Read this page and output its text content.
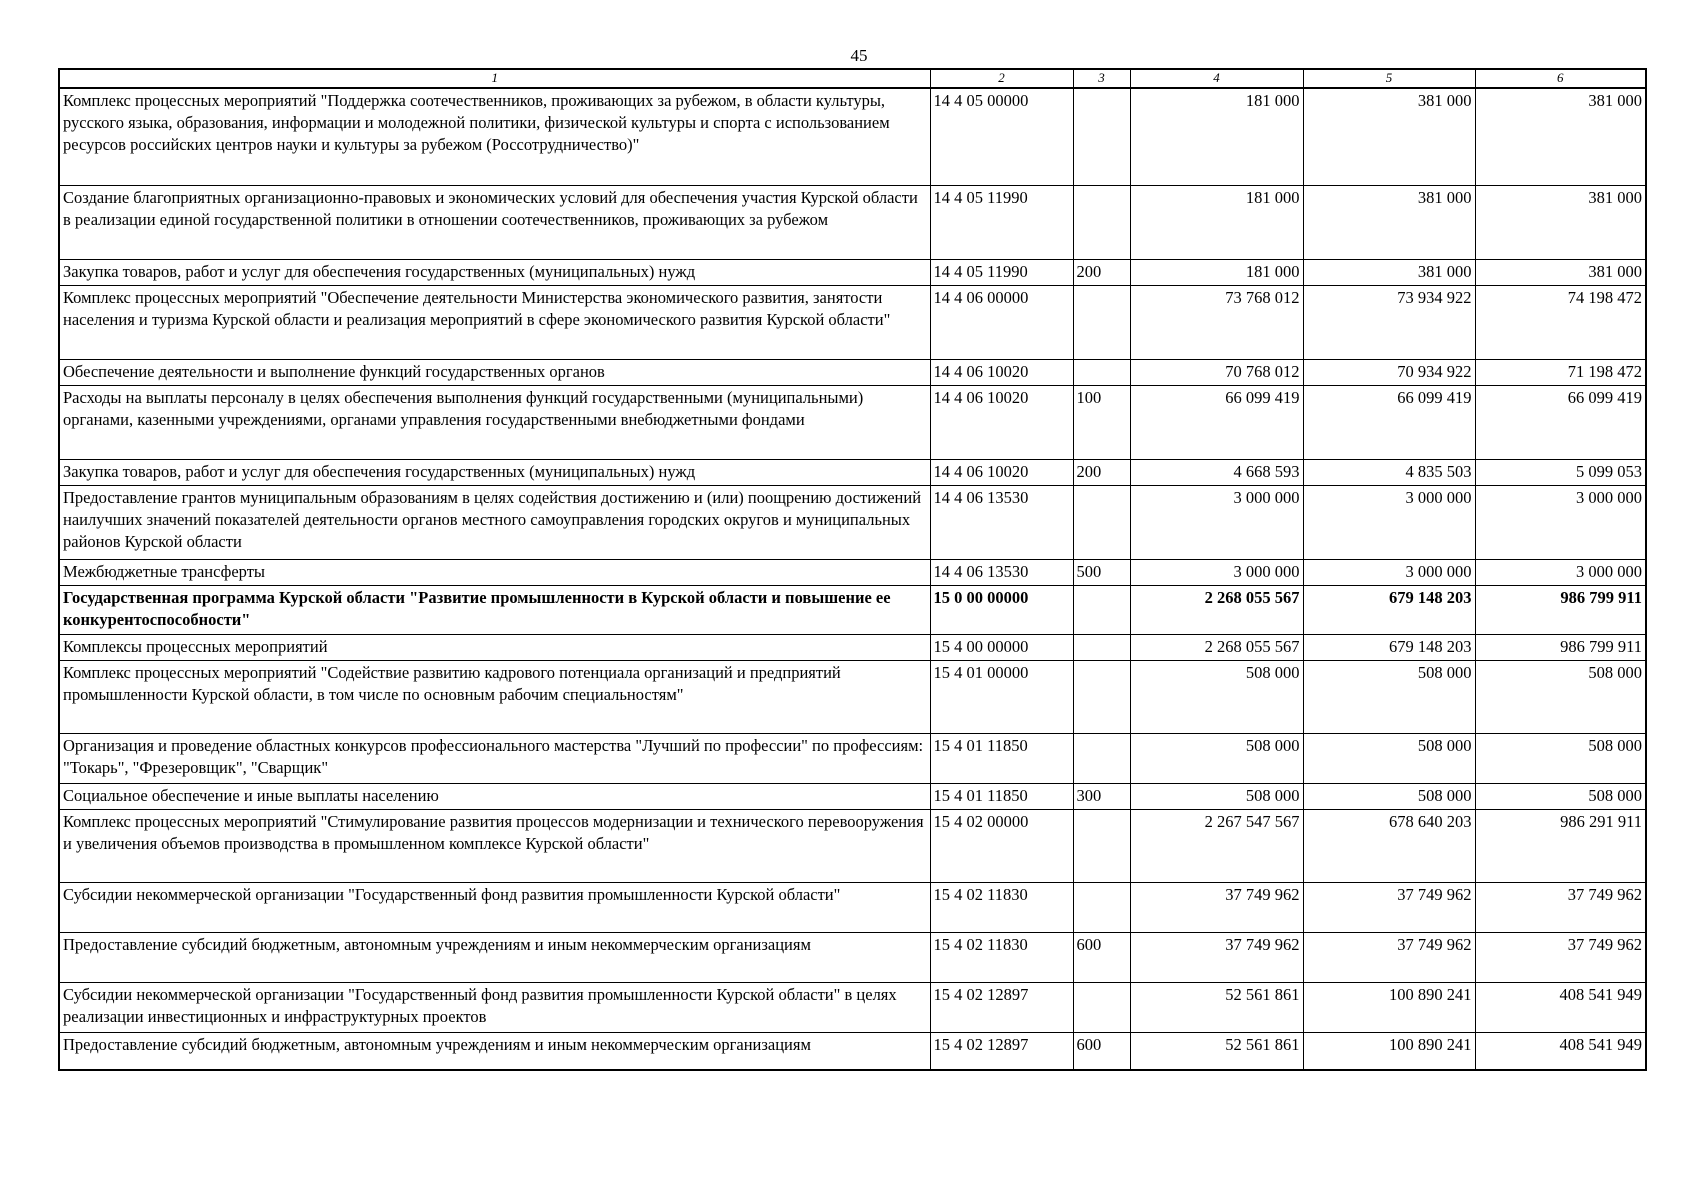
45
1	2	3	4	5	6
Комплекс процессных мероприятий "Поддержка соотечественников, проживающих за рубежом, в области культуры, русского языка, образования, информации и молодежной политики, физической культуры и спорта с использованием ресурсов российских центров науки и культуры за рубежом (Россотрудничество)"	14 4 05 00000		181 000	381 000	381 000
Создание благоприятных организационно-правовых и экономических условий для обеспечения участия Курской области в реализации единой государственной политики в отношении соотечественников, проживающих за рубежом	14 4 05 11990		181 000	381 000	381 000
Закупка товаров, работ и услуг для обеспечения государственных (муниципальных) нужд	14 4 05 11990	200	181 000	381 000	381 000
Комплекс процессных мероприятий "Обеспечение деятельности Министерства экономического развития, занятости населения и туризма Курской области и реализация мероприятий в сфере экономического развития Курской области"	14 4 06 00000		73 768 012	73 934 922	74 198 472
Обеспечение деятельности и выполнение функций государственных органов	14 4 06 10020		70 768 012	70 934 922	71 198 472
Расходы на выплаты персоналу в целях обеспечения выполнения функций государственными (муниципальными) органами, казенными учреждениями, органами управления государственными внебюджетными фондами	14 4 06 10020	100	66 099 419	66 099 419	66 099 419
Закупка товаров, работ и услуг для обеспечения государственных (муниципальных) нужд	14 4 06 10020	200	4 668 593	4 835 503	5 099 053
Предоставление грантов муниципальным образованиям в целях содействия достижению и (или) поощрению достижений наилучших значений показателей деятельности органов местного самоуправления городских округов и муниципальных районов Курской области	14 4 06 13530		3 000 000	3 000 000	3 000 000
Межбюджетные трансферты	14 4 06 13530	500	3 000 000	3 000 000	3 000 000
Государственная программа Курской области "Развитие промышленности в Курской области и повышение ее конкурентоспособности"	15 0 00 00000		2 268 055 567	679 148 203	986 799 911
Комплексы процессных мероприятий	15 4 00 00000		2 268 055 567	679 148 203	986 799 911
Комплекс процессных мероприятий "Содействие развитию кадрового потенциала организаций и предприятий промышленности Курской области, в том числе по основным рабочим специальностям"	15 4 01 00000		508 000	508 000	508 000
Организация и проведение областных конкурсов профессионального мастерства "Лучший по профессии" по профессиям: "Токарь", "Фрезеровщик", "Сварщик"	15 4 01 11850		508 000	508 000	508 000
Социальное обеспечение и иные выплаты населению	15 4 01 11850	300	508 000	508 000	508 000
Комплекс процессных мероприятий "Стимулирование развития процессов модернизации и технического перевооружения и увеличения объемов производства в промышленном комплексе Курской области"	15 4 02 00000		2 267 547 567	678 640 203	986 291 911
Субсидии некоммерческой организации "Государственный фонд развития промышленности Курской области"	15 4 02 11830		37 749 962	37 749 962	37 749 962
Предоставление субсидий бюджетным, автономным учреждениям и иным некоммерческим организациям	15 4 02 11830	600	37 749 962	37 749 962	37 749 962
Субсидии некоммерческой организации "Государственный фонд развития промышленности Курской области" в целях реализации инвестиционных и инфраструктурных проектов	15 4 02 12897		52 561 861	100 890 241	408 541 949
Предоставление субсидий бюджетным, автономным учреждениям и иным некоммерческим организациям	15 4 02 12897	600	52 561 861	100 890 241	408 541 949
